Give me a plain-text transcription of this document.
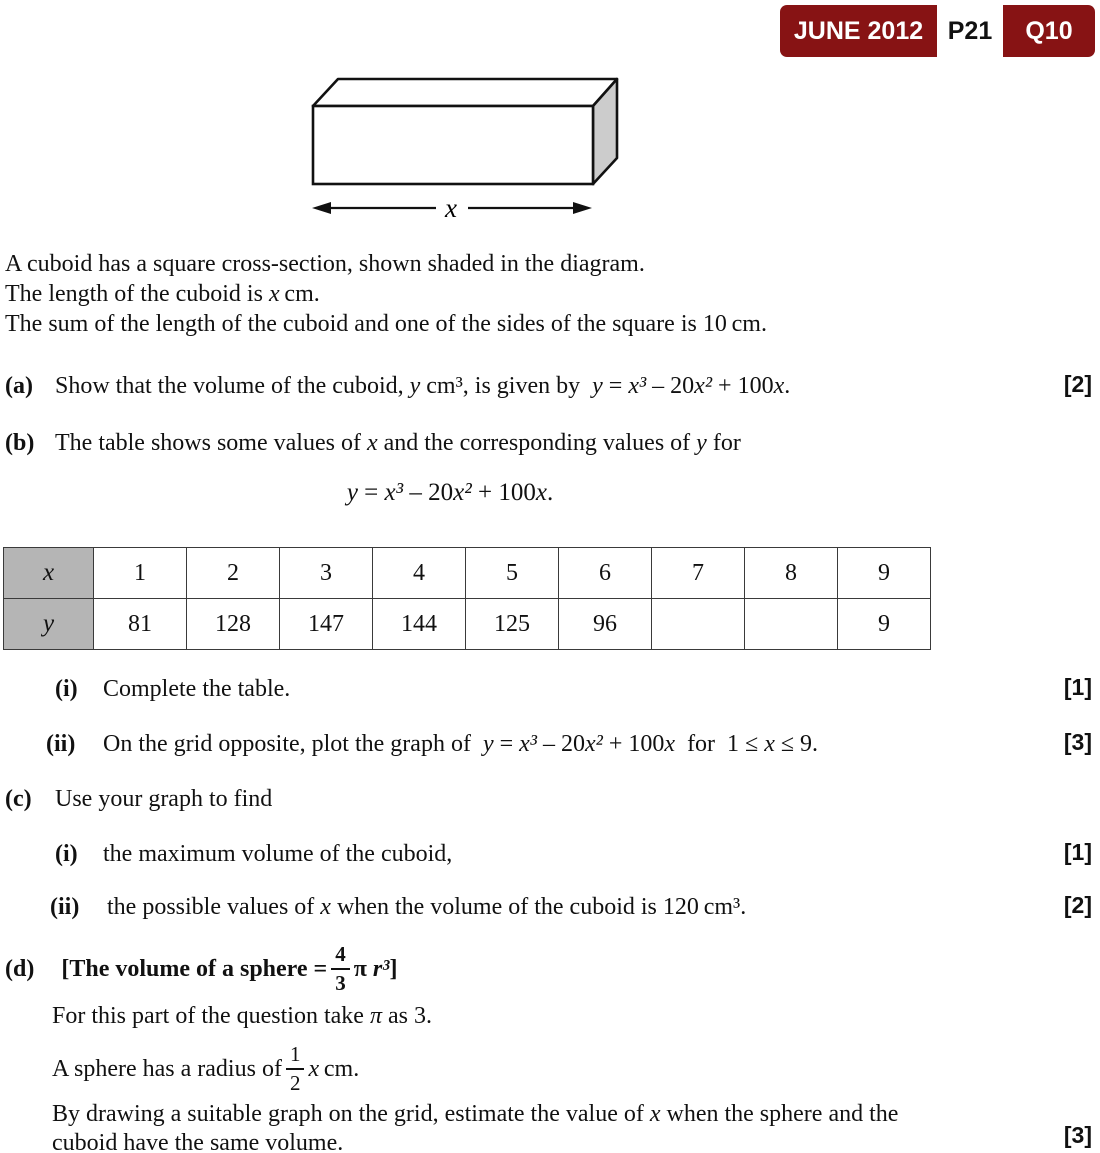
JUNE 2012 P21	Q10
x
A cuboid has a square cross-section, shown shaded in the diagram.
The length of the cuboid is x cm.
The sum of the length of the cuboid and one of the sides of the square is 10 cm.
(a) Show that the volume of the cuboid, y cm³, is given by y = x³ – 20x² + 100x.	[2]
(b) The table shows some values of x and the corresponding values of y for
y = x³ – 20x² + 100x.
x	1	2	3	4	5	6	7	8	9
y	81	128	147	144	125	96			9
(i) Complete the table.	[1]
(ii) On the grid opposite, plot the graph of y = x³ – 20x² + 100x for 1 ≤ x ≤ 9.	[3]
(c) Use your graph to find
(i) the maximum volume of the cuboid,	[1]
(ii) the possible values of x when the volume of the cuboid is 120 cm³.	[2]
(d) [The volume of a sphere = $\frac{4}{3}$ π r³]
For this part of the question take π as 3.
A sphere has a radius of $\frac{1}{2}$ x cm.
By drawing a suitable graph on the grid, estimate the value of x when the sphere and the
cuboid have the same volume.	[3]
